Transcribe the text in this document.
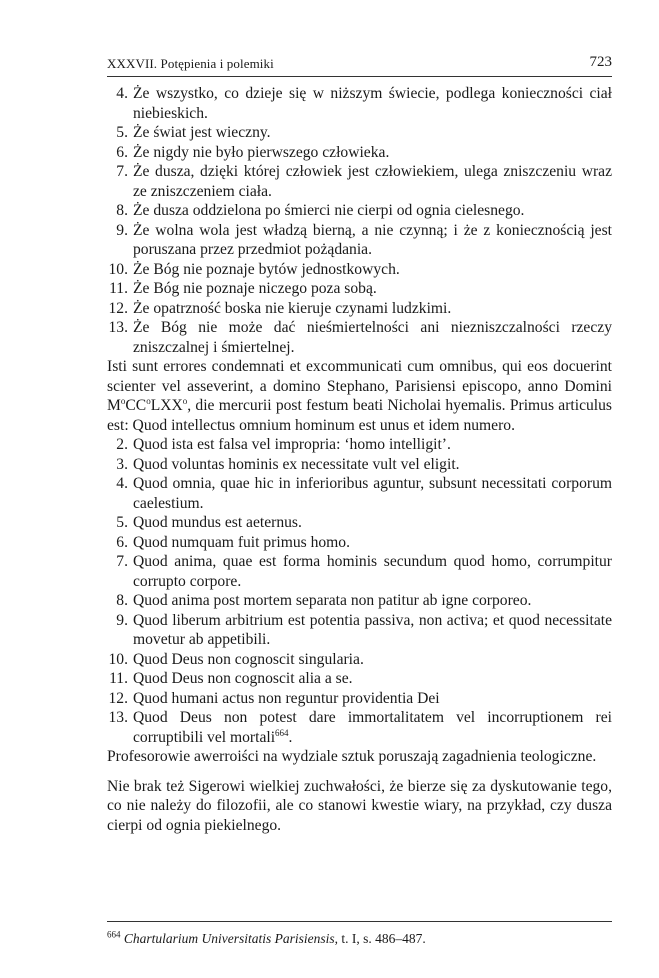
XXXVII. Potępienia i polemiki	723
4. Że wszystko, co dzieje się w niższym świecie, podlega konieczności ciał niebieskich.
5. Że świat jest wieczny.
6. Że nigdy nie było pierwszego człowieka.
7. Że dusza, dzięki której człowiek jest człowiekiem, ulega zniszczeniu wraz ze zniszczeniem ciała.
8. Że dusza oddzielona po śmierci nie cierpi od ognia cielesnego.
9. Że wolna wola jest władzą bierną, a nie czynną; i że z koniecznością jest poruszana przez przedmiot pożądania.
10. Że Bóg nie poznaje bytów jednostkowych.
11. Że Bóg nie poznaje niczego poza sobą.
12. Że opatrzność boska nie kieruje czynami ludzkimi.
13. Że Bóg nie może dać nieśmiertelności ani niezniszczalności rzeczy zniszczalnej i śmiertelnej.

Isti sunt errores condemnati et excommunicati cum omnibus, qui eos docuerint scienter vel asseverint, a domino Stephano, Parisiensi episcopo, anno Domini $M^oCC^oLXX^o$, die mercurii post festum beati Nicholai hyemalis. Primus articulus est: Quod intellectus omnium hominum est unus et idem numero.

2. Quod ista est falsa vel impropria: ‘homo intelligit’.
3. Quod voluntas hominis ex necessitate vult vel eligit.
4. Quod omnia, quae hic in inferioribus aguntur, subsunt necessitati corporum caelestium.
5. Quod mundus est aeternus.
6. Quod numquam fuit primus homo.
7. Quod anima, quae est forma hominis secundum quod homo, corrumpitur corrupto corpore.
8. Quod anima post mortem separata non patitur ab igne corporeo.
9. Quod liberum arbitrium est potentia passiva, non activa; et quod necessitate movetur ab appetibili.
10. Quod Deus non cognoscit singularia.
11. Quod Deus non cognoscit alia a se.
12. Quod humani actus non reguntur providentia Dei
13. Quod Deus non potest dare immortalitatem vel incorruptionem rei corruptibili vel mortali$^{664}$.

Profesorowie awerroiści na wydziale sztuk poruszają zagadnienia teologiczne.

Nie brak też Sigerowi wielkiej zuchwałości, że bierze się za dyskutowanie tego, co nie należy do filozofii, ale co stanowi kwestie wiary, na przykład, czy dusza cierpi od ognia piekielnego.

$^{664}$ Chartularium Universitatis Parisiensis, t. I, s. 486–487.
